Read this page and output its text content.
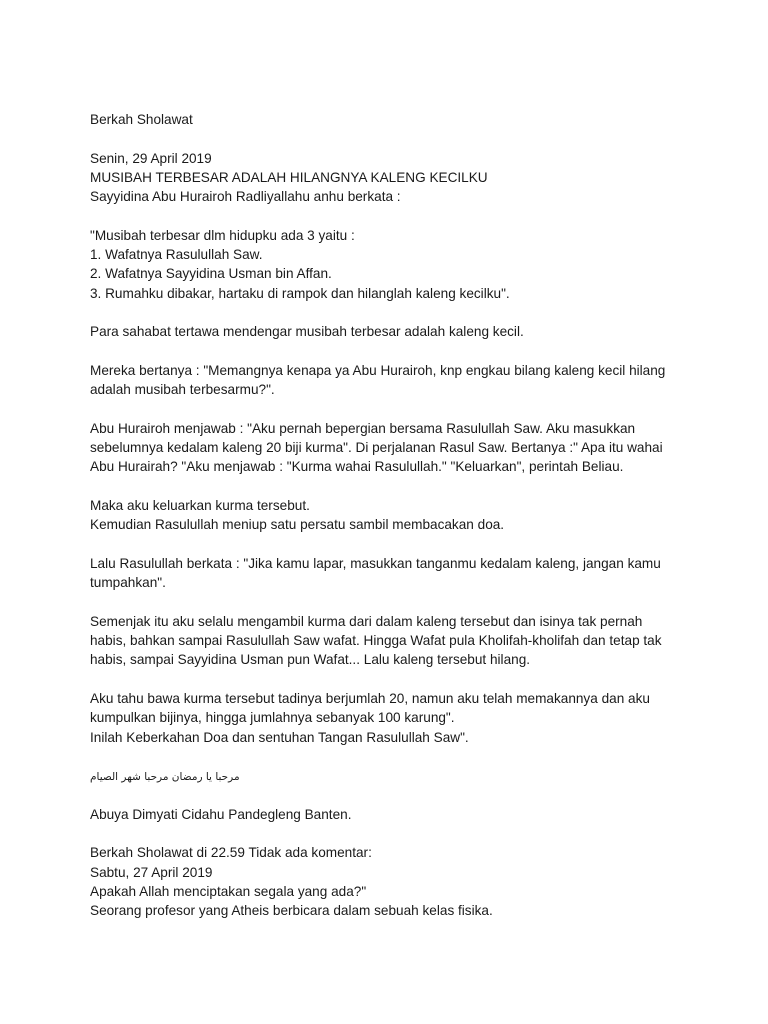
Berkah Sholawat
Senin, 29 April 2019
MUSIBAH TERBESAR ADALAH HILANGNYA KALENG KECILKU
Sayyidina Abu Hurairoh Radliyallahu anhu berkata :
"Musibah terbesar dlm hidupku ada 3 yaitu :
1. Wafatnya Rasulullah Saw.
2. Wafatnya Sayyidina Usman bin Affan.
3. Rumahku dibakar, hartaku di rampok dan hilanglah kaleng kecilku".
Para sahabat tertawa mendengar musibah terbesar adalah kaleng kecil.
Mereka bertanya : "Memangnya kenapa ya Abu Hurairoh, knp engkau bilang kaleng kecil hilang
adalah musibah terbesarmu?".
Abu Hurairoh menjawab : "Aku pernah bepergian bersama Rasulullah Saw. Aku masukkan
sebelumnya kedalam kaleng 20 biji kurma". Di perjalanan Rasul Saw. Bertanya :" Apa itu wahai
Abu Hurairah? "Aku menjawab : "Kurma wahai Rasulullah." "Keluarkan", perintah Beliau.
Maka aku keluarkan kurma tersebut.
Kemudian Rasulullah meniup satu persatu sambil membacakan doa.
Lalu Rasulullah berkata : "Jika kamu lapar, masukkan tanganmu kedalam kaleng, jangan kamu
tumpahkan".
Semenjak itu aku selalu mengambil kurma dari dalam kaleng tersebut dan isinya tak pernah
habis, bahkan sampai Rasulullah Saw wafat. Hingga Wafat pula Kholifah-kholifah dan tetap tak
habis, sampai Sayyidina Usman pun Wafat... Lalu kaleng tersebut hilang.
Aku tahu bawa kurma tersebut tadinya berjumlah 20, namun aku telah memakannya dan aku
kumpulkan bijinya, hingga jumlahnya sebanyak 100 karung".
Inilah Keberkahan Doa dan sentuhan Tangan Rasulullah Saw".
مرحبا يا رمضان مرحبا شهر الصيام
Abuya Dimyati Cidahu Pandegleng Banten.
Berkah Sholawat di 22.59 Tidak ada komentar:
Sabtu, 27 April 2019
Apakah Allah menciptakan segala yang ada?"
Seorang profesor yang Atheis berbicara dalam sebuah kelas fisika.
